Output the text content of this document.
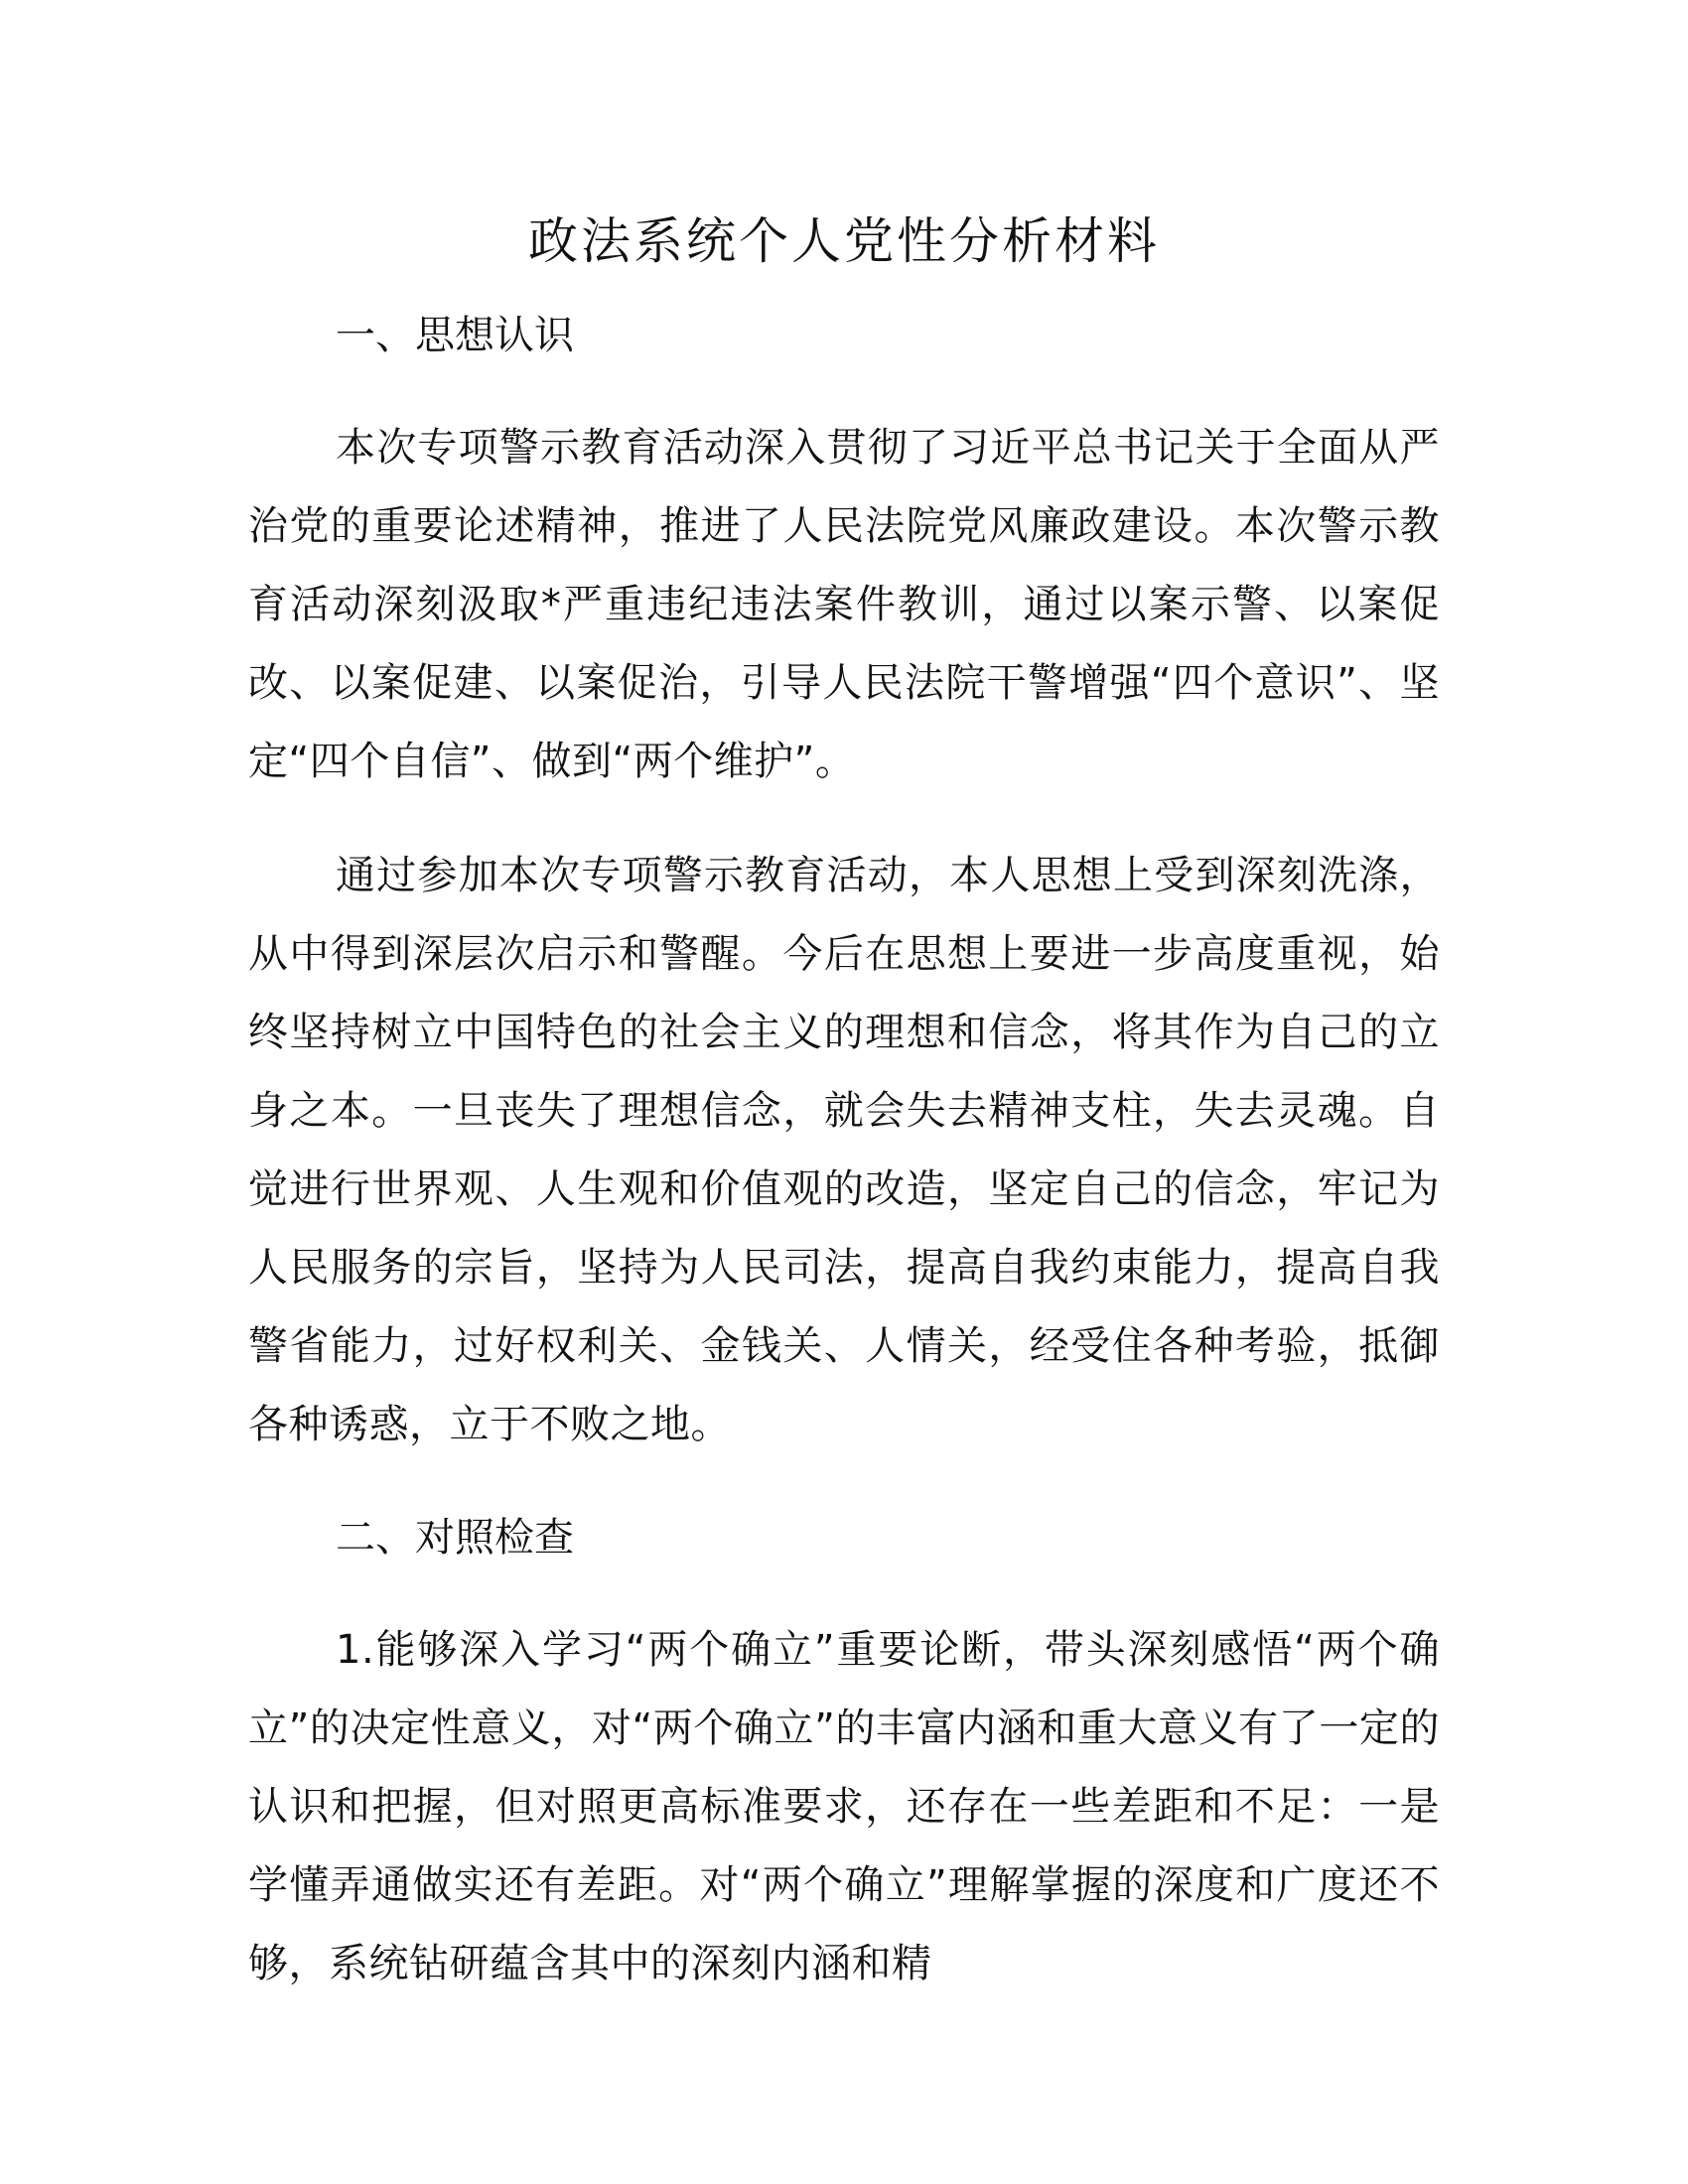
政法系统个人党性分析材料
一、思想认识

本次专项警示教育活动深入贯彻了习近平总书记关于全面从严治党的重要论述精神，推进了人民法院党风廉政建设。本次警示教育活动深刻汲取*严重违纪违法案件教训，通过以案示警、以案促改、以案促建、以案促治，引导人民法院干警增强“四个意识”、坚定“四个自信”、做到“两个维护”。

通过参加本次专项警示教育活动，本人思想上受到深刻洗涤，从中得到深层次启示和警醒。今后在思想上要进一步高度重视，始终坚持树立中国特色的社会主义的理想和信念，将其作为自己的立身之本。一旦丧失了理想信念，就会失去精神支柱，失去灵魂。自觉进行世界观、人生观和价值观的改造，坚定自己的信念，牢记为人民服务的宗旨，坚持为人民司法，提高自我约束能力，提高自我警省能力，过好权利关、金钱关、人情关，经受住各种考验，抵御各种诱惑，立于不败之地。

二、对照检查

1.能够深入学习“两个确立”重要论断，带头深刻感悟“两个确立”的决定性意义，对“两个确立”的丰富内涵和重大意义有了一定的认识和把握，但对照更高标准要求，还存在一些差距和不足：一是学懂弄通做实还有差距。对“两个确立”理解掌握的深度和广度还不够，系统钻研蕴含其中的深刻内涵和精
